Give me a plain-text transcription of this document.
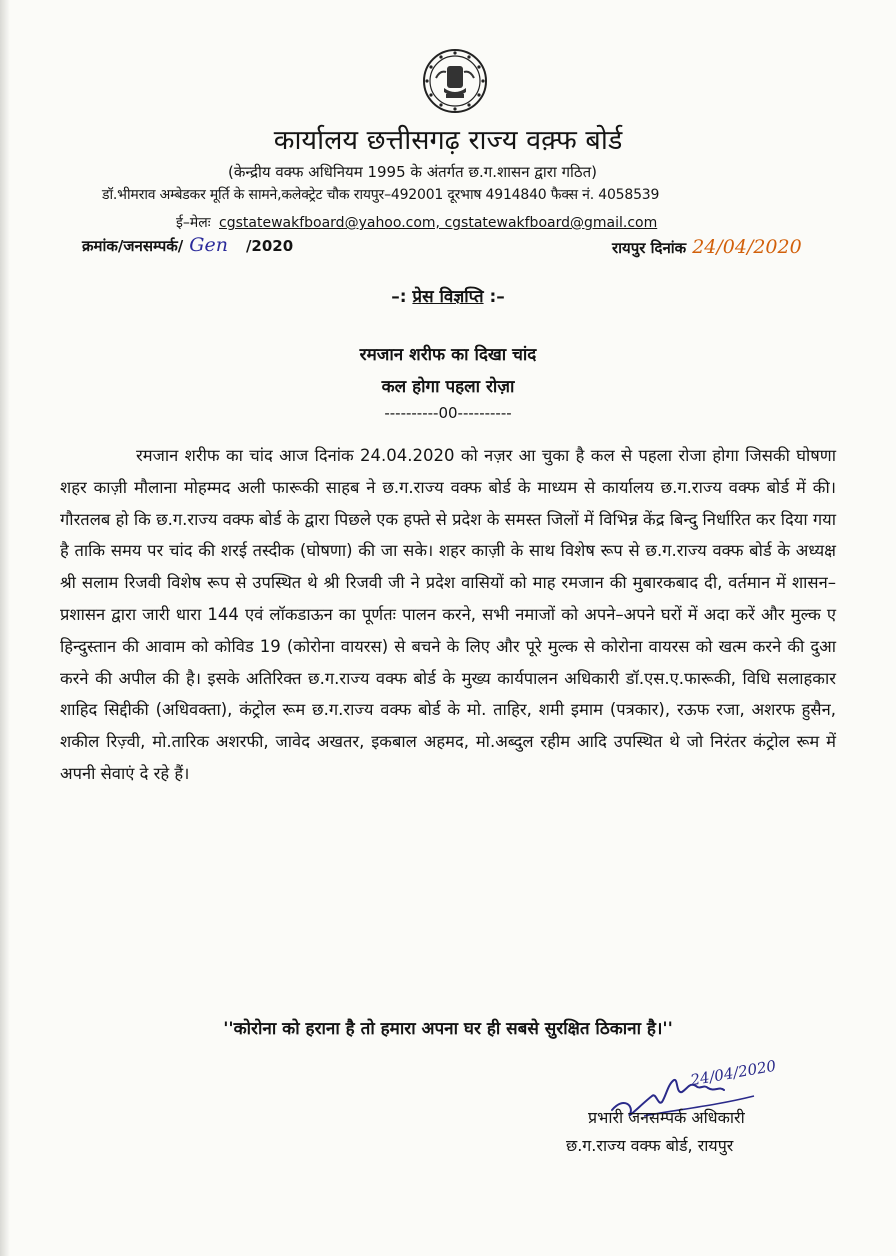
कार्यालय छत्तीसगढ़ राज्य वक़्फ बोर्ड
(केन्द्रीय वक्फ अधिनियम 1995 के अंतर्गत छ.ग.शासन द्वारा गठित)
डॉ.भीमराव अम्बेडकर मूर्ति के सामने,कलेक्ट्रेट चौक रायपुर–492001 दूरभाष 4914840 फैक्स नं. 4058539
ई–मेलः cgstatewakfboard@yahoo.com, cgstatewakfboard@gmail.com
क्रमांक/जनसम्पर्क/ Gen /2020	रायपुर दिनांक 24/04/2020
–: प्रेस विज्ञप्ति :–
रमजान शरीफ का दिखा चांद
कल होगा पहला रोज़ा
----------00----------
रमजान शरीफ का चांद आज दिनांक 24.04.2020 को नज़र आ चुका है कल से पहला रोजा होगा जिसकी घोषणा शहर काज़ी मौलाना मोहम्मद अली फारूकी साहब ने छ.ग.राज्य वक्फ बोर्ड के माध्यम से कार्यालय छ.ग.राज्य वक्फ बोर्ड में की। गौरतलब हो कि छ.ग.राज्य वक्फ बोर्ड के द्वारा पिछले एक हफ्ते से प्रदेश के समस्त जिलों में विभिन्न केंद्र बिन्दु निर्धारित कर दिया गया है ताकि समय पर चांद की शरई तस्दीक (घोषणा) की जा सके। शहर काज़ी के साथ विशेष रूप से छ.ग.राज्य वक्फ बोर्ड के अध्यक्ष श्री सलाम रिजवी विशेष रूप से उपस्थित थे श्री रिजवी जी ने प्रदेश वासियों को माह रमजान की मुबारकबाद दी, वर्तमान में शासन–प्रशासन द्वारा जारी धारा 144 एवं लॉकडाऊन का पूर्णतः पालन करने, सभी नमाजों को अपने–अपने घरों में अदा करें और मुल्क ए हिन्दुस्तान की आवाम को कोविड 19 (कोरोना वायरस) से बचने के लिए और पूरे मुल्क से कोरोना वायरस को खत्म करने की दुआ करने की अपील की है। इसके अतिरिक्त छ.ग.राज्य वक्फ बोर्ड के मुख्य कार्यपालन अधिकारी डॉ.एस.ए.फारूकी, विधि सलाहकार शाहिद सिद्दीकी (अधिवक्ता), कंट्रोल रूम छ.ग.राज्य वक्फ बोर्ड के मो. ताहिर, शमी इमाम (पत्रकार), रऊफ रजा, अशरफ हुसैन, शकील रिज़्वी, मो.तारिक अशरफी, जावेद अखतर, इकबाल अहमद, मो.अब्दुल रहीम आदि उपस्थित थे जो निरंतर कंट्रोल रूम में अपनी सेवाएं दे रहे हैं।
''कोरोना को हराना है तो हमारा अपना घर ही सबसे सुरक्षित ठिकाना है।''
24/04/2020
प्रभारी जनसम्पर्क अधिकारी
छ.ग.राज्य वक्फ बोर्ड, रायपुर
